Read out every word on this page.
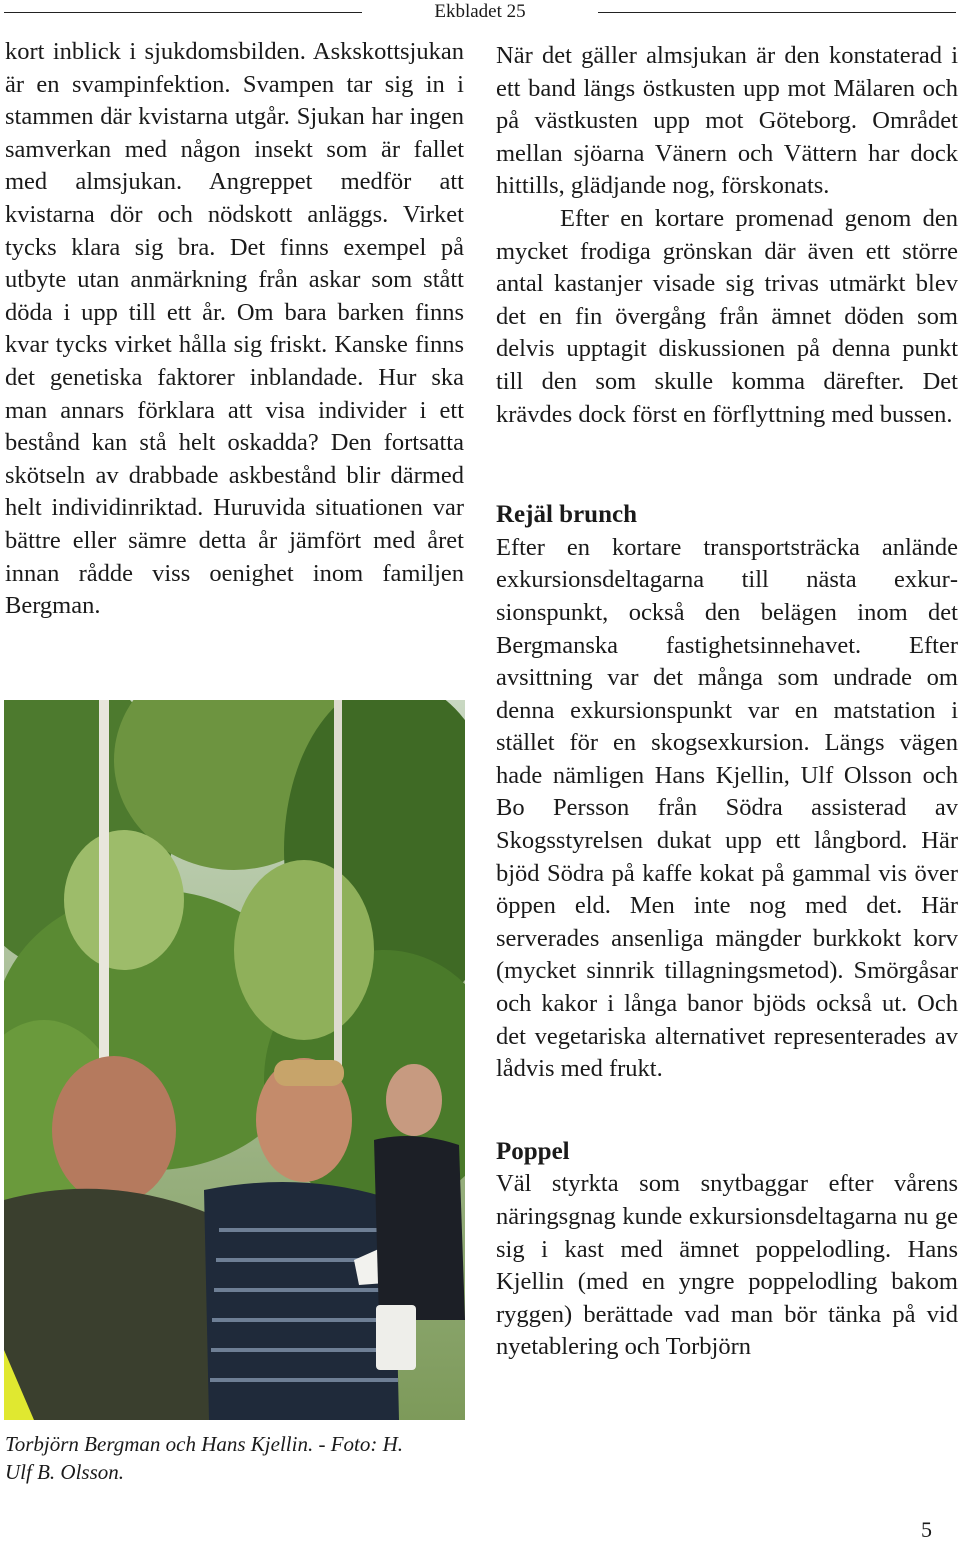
Ekbladet 25

kort inblick i sjukdomsbilden. Askskottsjukan är en svampinfektion. Svampen tar sig in i stammen där kvistarna utgår. Sjukan har ingen samverkan med någon insekt som är fallet med almsjukan. Angreppet medför att kvistarna dör och nödskott anläggs. Virket tycks klara sig bra. Det finns exempel på utbyte utan anmärkning från askar som stått döda i upp till ett år. Om bara barken finns kvar tycks virket hålla sig friskt. Kanske finns det genetiska faktorer inblandade. Hur ska man annars förklara att visa individer i ett bestånd kan stå helt oskadda? Den fortsatta skötseln av drabbade askbestånd blir därmed helt individinriktad. Huruvida situationen var bättre eller sämre detta år jämfört med året innan rådde viss oenighet inom familjen Bergman.

Torbjörn Bergman och Hans Kjellin. - Foto: H. Ulf B. Olsson.

När det gäller almsjukan är den konstaterad i ett band längs östkusten upp mot Mälaren och på västkusten upp mot Göteborg. Området mellan sjöarna Vänern och Vättern har dock hittills, glädjande nog, förskonats.

Efter en kortare promenad genom den mycket frodiga grönskan där även ett större antal kastanjer visade sig trivas utmärkt blev det en fin övergång från ämnet döden som delvis upptagit diskussionen på denna punkt till den som skulle komma därefter. Det krävdes dock först en förflyttning med bussen.

Rejäl brunch

Efter en kortare transportsträcka anlände exkursionsdeltagarna till nästa exkursionspunkt, också den belägen inom det Bergmanska fastighetsinnehavet. Efter avsittning var det många som undrade om denna exkursionspunkt var en matstation i stället för en skogsexkursion. Längs vägen hade nämligen Hans Kjellin, Ulf Olsson och Bo Persson från Södra assisterad av Skogsstyrelsen dukat upp ett långbord. Här bjöd Södra på kaffe kokat på gammal vis över öppen eld. Men inte nog med det. Här serverades ansenliga mängder burkkokt korv (mycket sinnrik tillagningsmetod). Smörgåsar och kakor i långa banor bjöds också ut. Och det vegetariska alternativet representerades av lådvis med frukt.

Poppel

Väl styrkta som snytbaggar efter vårens näringsgnag kunde exkursionsdeltagarna nu ge sig i kast med ämnet poppelodling. Hans Kjellin (med en yngre poppelodling bakom ryggen) berättade vad man bör tänka på vid nyetablering och Torbjörn

5
